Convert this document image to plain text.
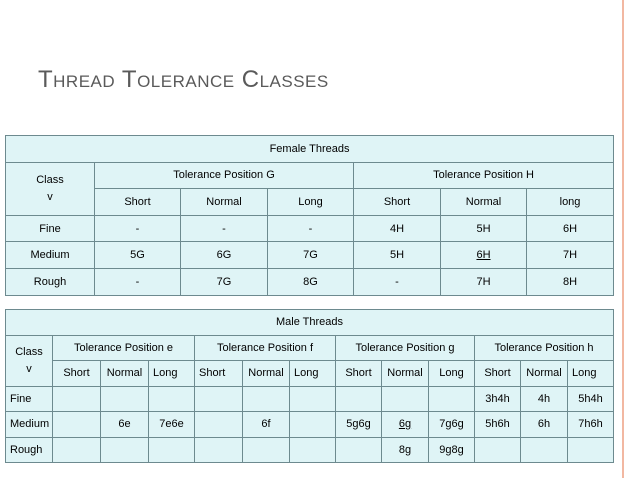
Thread Tolerance Classes
Female Threads						
Class
v	Tolerance Position G			Tolerance Position H		
	Short	Normal	Long	Short	Normal	long
Fine	-	-	-	4H	5H	6H
Medium	5G	6G	7G	5H	6H	7H
Rough	-	7G	8G	-	7H	8H
Male Threads												
Class
v	Tolerance Position e			Tolerance Position f			Tolerance Position g			Tolerance Position h		
	Short	Normal	Long	Short	Normal	Long	Short	Normal	Long	Short	Normal	Long
Fine										3h4h	4h	5h4h
Medium		6e	7e6e		6f		5g6g	6g	7g6g	5h6h	6h	7h6h
Rough								8g	9g8g			
